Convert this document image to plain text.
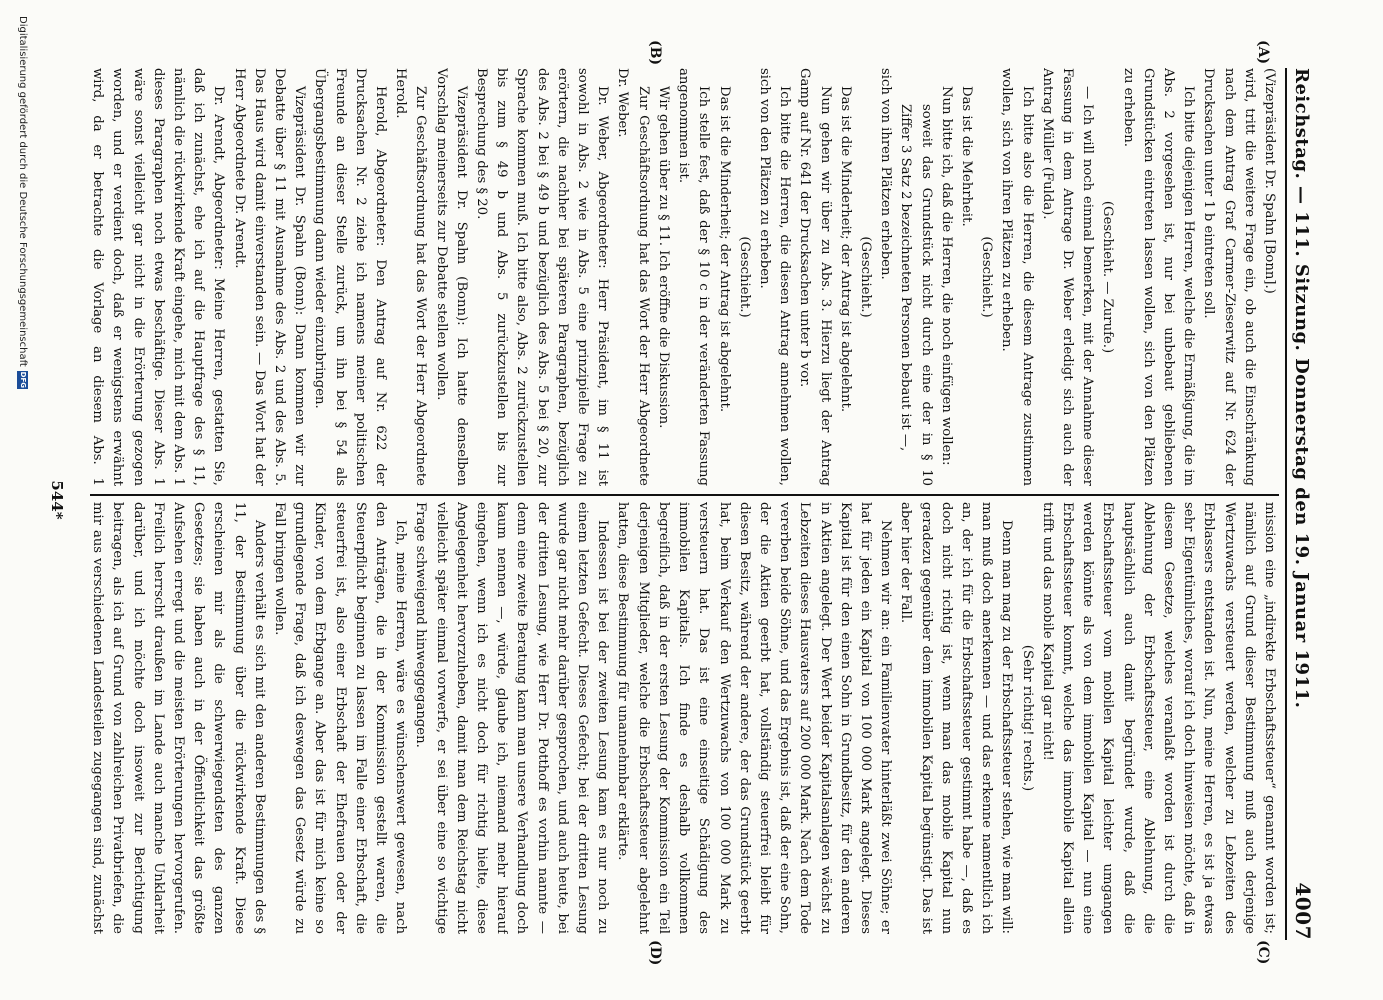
Reichstag. — 111. Sitzung. Donnerstag den 19. Januar 1911.
4007
(A)
(B)
(C)
(D)

(Vizepräsident Dr. Spahn [Bonn].)

wird, tritt die weitere Frage ein, ob auch die Einschränkung nach dem Antrag Graf Carmer-Zieserwitz auf Nr. 624 der Drucksachen unter 1 b eintreten soll.

Ich bitte diejenigen Herren, welche die Ermäßigung, die im Abs. 2 vorgesehen ist, nur bei unbebaut gebliebenen Grundstücken eintreten lassen wollen, sich von den Plätzen zu erheben.

(Geschieht. — Zurufe.)

— Ich will noch einmal bemerken, mit der Annahme dieser Fassung in dem Antrage Dr. Weber erledigt sich auch der Antrag Müller (Fulda).

Ich bitte also die Herren, die diesem Antrage zustimmen wollen, sich von ihren Plätzen zu erheben.

(Geschieht.)

Das ist die Mehrheit.

Nun bitte ich, daß die Herren, die noch einfügen wollen:

soweit das Grundstück nicht durch eine der in § 10 Ziffer 3 Satz 2 bezeichneten Personen bebaut ist —,

sich von ihren Plätzen erheben.

(Geschieht.)

Das ist die Minderheit; der Antrag ist abgelehnt.

Nun gehen wir über zu Abs. 3. Hierzu liegt der Antrag Gamp auf Nr. 641 der Drucksachen unter b vor.

Ich bitte die Herren, die diesen Antrag annehmen wollen, sich von den Plätzen zu erheben.

(Geschieht.)

Das ist die Minderheit; der Antrag ist abgelehnt.

Ich stelle fest, daß der § 10 c in der veränderten Fassung angenommen ist.

Wir gehen über zu § 11. Ich eröffne die Diskussion.

Zur Geschäftsordnung hat das Wort der Herr Abgeordnete Dr. Weber.

Dr. Weber, Abgeordneter: Herr Präsident, im § 11 ist sowohl in Abs. 2 wie in Abs. 5 eine prinzipielle Frage zu erörtern, die nachher bei späteren Paragraphen, bezüglich des Abs. 2 bei § 49 b und bezüglich des Abs. 5 bei § 20, zur Sprache kommen muß. Ich bitte also, Abs. 2 zurückzustellen bis zum § 49 b und Abs. 5 zurückzustellen bis zur Besprechung des § 20.

Vizepräsident Dr. Spahn (Bonn): Ich hatte denselben Vorschlag meinerseits zur Debatte stellen wollen.

Zur Geschäftsordnung hat das Wort der Herr Abgeordnete Herold.

Herold, Abgeordneter: Den Antrag auf Nr. 622 der Drucksachen Nr. 2 ziehe ich namens meiner politischen Freunde an dieser Stelle zurück, um ihn bei § 54 als Übergangsbestimmung dann wieder einzubringen.

Vizepräsident Dr. Spahn (Bonn): Dann kommen wir zur Debatte über § 11 mit Ausnahme des Abs. 2 und des Abs. 5. Das Haus wird damit einverstanden sein. — Das Wort hat der Herr Abgeordnete Dr. Arendt.

Dr. Arendt, Abgeordneter: Meine Herren, gestatten Sie, daß ich zunächst, ehe ich auf die Hauptfrage des § 11, nämlich die rückwirkende Kraft eingehe, mich mit dem Abs. 1 dieses Paragraphen noch etwas beschäftige. Dieser Abs. 1 wäre sonst vielleicht gar nicht in die Erörterung gezogen worden, und er verdient doch, daß er wenigstens erwähnt wird, da er betrachte die Vorlage an diesem Abs. 1

mission eine „indirekte Erbschaftssteuer“ genannt worden ist; nämlich auf Grund dieser Bestimmung muß auch derjenige Wertzuwachs versteuert werden, welcher zu Lebzeiten des Erblassers entstanden ist. Nun, meine Herren, es ist ja etwas sehr Eigentümliches, worauf ich doch hinweisen möchte, daß in diesem Gesetze, welches veranlaßt worden ist durch die Ablehnung der Erbschaftssteuer, eine Ablehnung, die hauptsächlich auch damit begründet wurde, daß die Erbschaftssteuer vom mobilen Kapital leichter umgangen werden könnte als von dem immobilen Kapital — nun eine Erbschaftssteuer kommt, welche das immobile Kapital allein trifft und das mobile Kapital gar nicht!

(Sehr richtig! rechts.)

Denn man mag zu der Erbschaftssteuer stehen, wie man will: man muß doch anerkennen — und das erkenne namentlich ich an, der ich für die Erbschaftssteuer gestimmt habe —, daß es doch nicht richtig ist, wenn man das mobile Kapital nun geradezu gegenüber dem immobilen Kapital begünstigt. Das ist aber hier der Fall.

Nehmen wir an: ein Familienvater hinterläßt zwei Söhne; er hat für jeden ein Kapital von 100 000 Mark angelegt. Dieses Kapital ist für den einen Sohn in Grundbesitz, für den anderen in Aktien angelegt. Der Wert beider Kapitalsanlagen wächst zu Lebzeiten dieses Hausvaters auf 200 000 Mark. Nach dem Tode vererben beide Söhne, und das Ergebnis ist, daß der eine Sohn, der die Aktien geerbt hat, vollständig steuerfrei bleibt für diesen Besitz, während der andere, der das Grundstück geerbt hat, beim Verkauf den Wertzuwachs von 100 000 Mark zu versteuern hat. Das ist eine einseitige Schädigung des immobilen Kapitals. Ich finde es deshalb vollkommen begreiflich, daß in der ersten Lesung der Kommission ein Teil derjenigen Mitglieder, welche die Erbschaftssteuer abgelehnt hatten, diese Bestimmung für unannehmbar erklärte.

Indessen ist bei der zweiten Lesung kam es nur noch zu einem letzten Gefecht. Dieses Gefecht; bei der dritten Lesung wurde gar nicht mehr darüber gesprochen, und auch heute, bei der dritten Lesung, wie Herr Dr. Potthoff es vorhin nannte — denn eine zweite Beratung kann man unsere Verhandlung doch kaum nennen —, würde, glaube ich, niemand mehr hierauf eingehen, wenn ich es nicht doch für richtig hielte, diese Angelegenheit hervorzuheben, damit man dem Reichstag nicht vielleicht später einmal vorwerfe, er sei über eine so wichtige Frage schweigend hinweggegangen.

Ich, meine Herren, wäre es wünschenswert gewesen, nach den Anträgen, die in der Kommission gestellt waren, die Steuerpflicht beginnen zu lassen im Falle einer Erbschaft, die steuerfrei ist, also einer Erbschaft der Ehefrauen oder der Kinder, von dem Erbgange an. Aber das ist für mich keine so grundlegende Frage, daß ich deswegen das Gesetz würde zu Fall bringen wollen.

Anders verhält es sich mit den anderen Bestimmungen des § 11, der Bestimmung über die rückwirkende Kraft. Diese erscheinen mir als die schwerwiegendsten des ganzen Gesetzes; sie haben auch in der Öffentlichkeit das größte Aufsehen erregt und die meisten Erörterungen hervorgerufen. Freilich herrscht draußen im Lande auch manche Unklarheit darüber, und ich möchte doch insoweit zur Berichtigung beitragen, als ich auf Grund von zahlreichen Privatbriefen, die mir aus verschiedenen Landesteilen zugegangen sind, zunächst

544*
Digitalisierung gefördert durch die Deutsche Forschungsgemeinschaft
DFG
